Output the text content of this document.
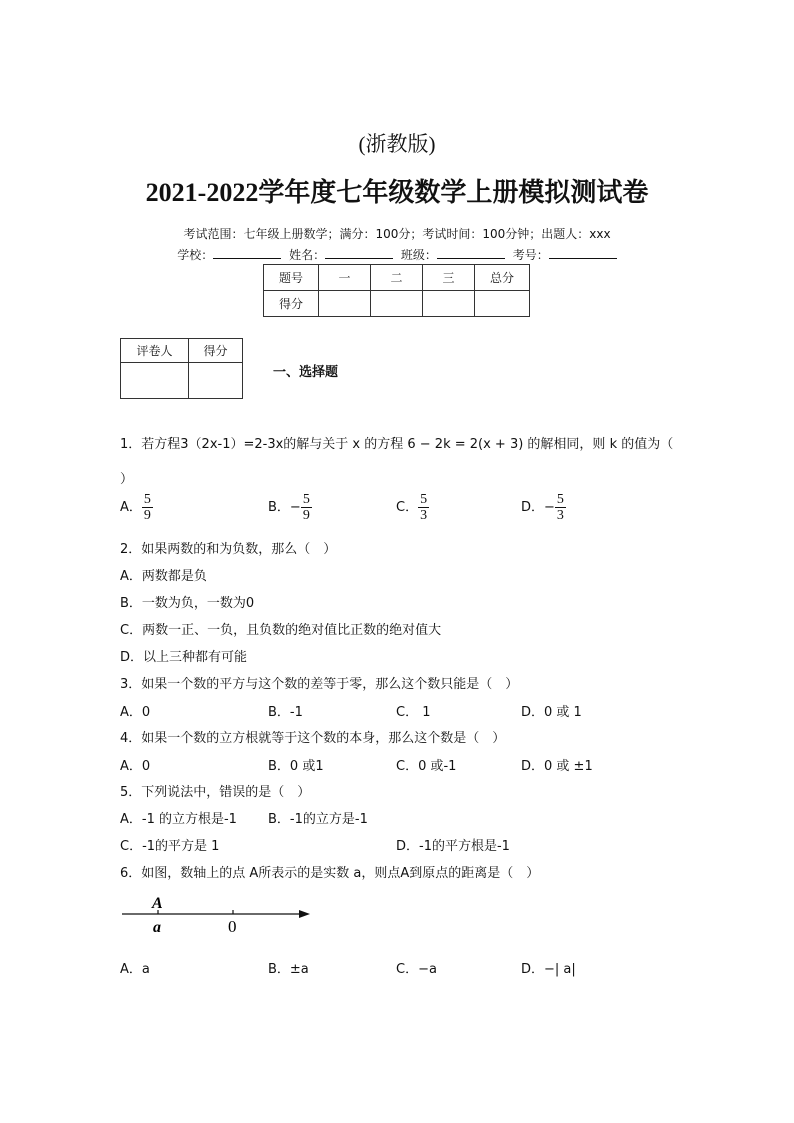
(浙教版)
2021-2022学年度七年级数学上册模拟测试卷
考试范围：七年级上册数学；满分：100分；考试时间：100分钟；出题人：xxx
学校：	姓名：	班级：	考号：
题号	一	二	三	总分
得分				
评卷人	得分

一、选择题
1．若方程3（2x-1）=2-3x的解与关于 x 的方程 6 − 2k = 2(x + 3) 的解相同，则 k 的值为（
）
A． $\frac{5}{9}$	B．− $\frac{5}{9}$	C． $\frac{5}{3}$	D．− $\frac{5}{3}$
2．如果两数的和为负数，那么（　）
A．两数都是负
B．一数为负，一数为0
C．两数一正、一负，且负数的绝对值比正数的绝对值大
D．以上三种都有可能
3．如果一个数的平方与这个数的差等于零，那么这个数只能是（　）
A．0	B．-1	C． 1	D．0 或 1
4．如果一个数的立方根就等于这个数的本身，那么这个数是（　）
A．0	B．0 或1	C．0 或-1	D．0 或 ±1
5．下列说法中，错误的是（　）
A．-1 的立方根是-1 B．-1的立方是-1
C．-1的平方是 1	D．-1的平方根是-1
6．如图，数轴上的点 A所表示的是实数 a，则点A到原点的距离是（　）
A
a	0
A．a	B．±a	C．−a	D．−| a|
